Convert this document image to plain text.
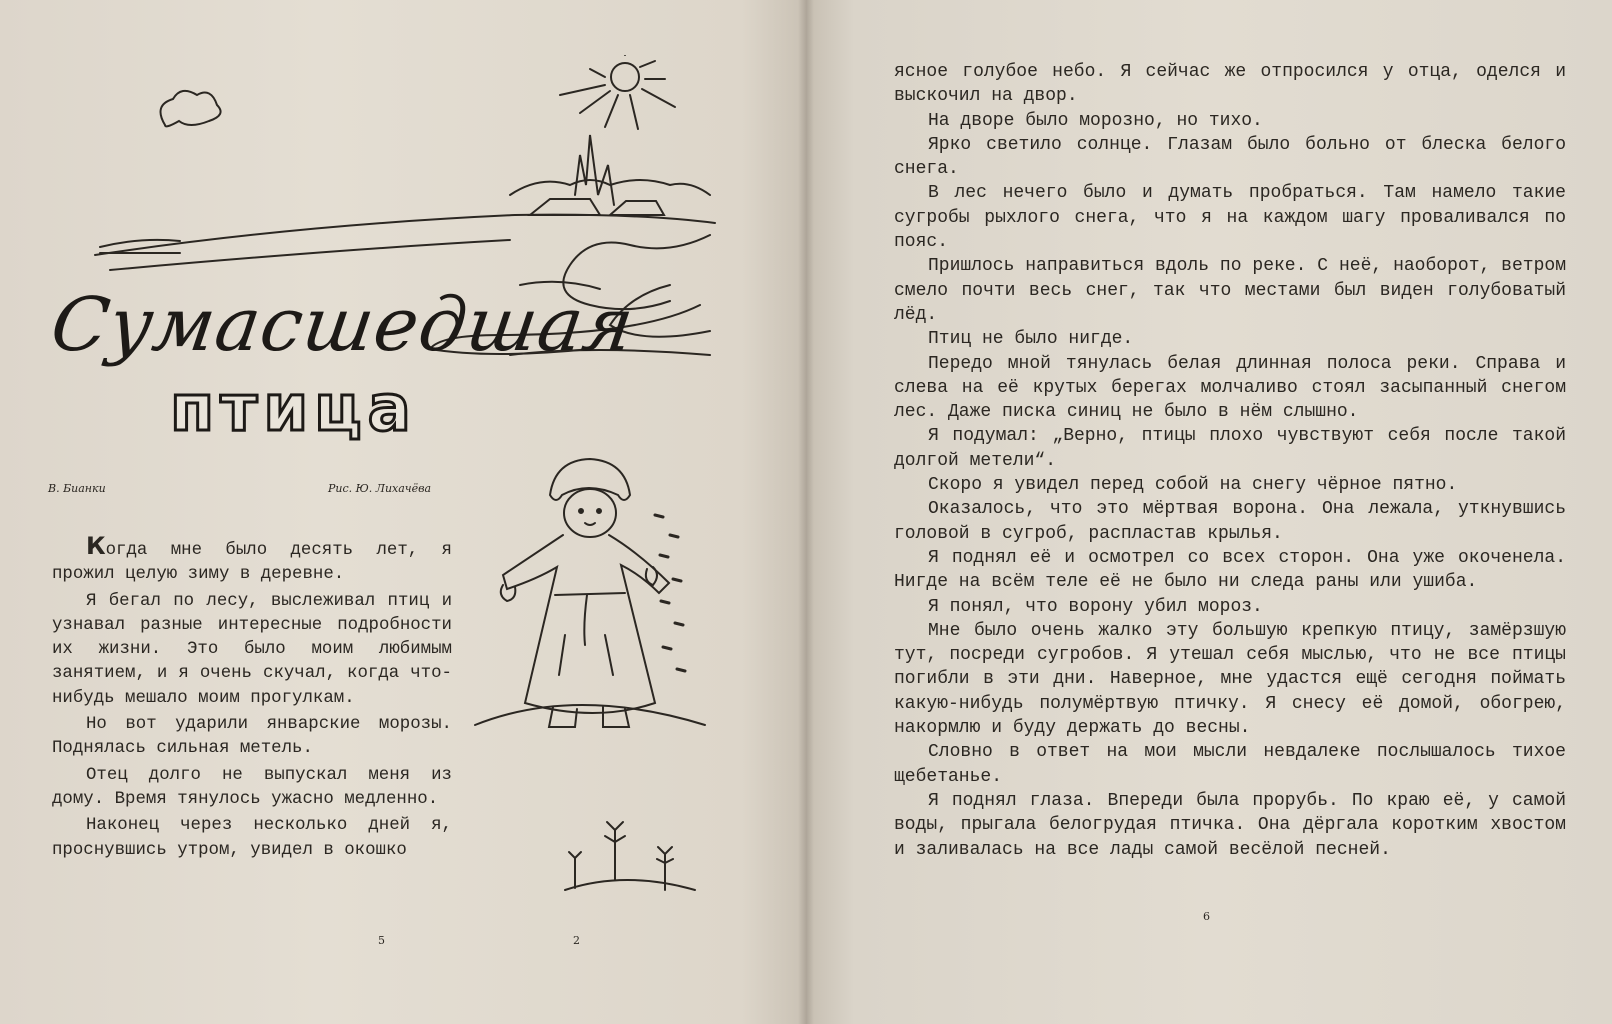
Сумасшедшая
птица
В. Бианки	Рис. Ю. Лихачёва

Когда мне было десять лет, я прожил целую зиму в деревне.

Я бегал по лесу, выслеживал птиц и узнавал разные интересные подробности их жизни. Это было моим любимым занятием, и я очень скучал, когда что-нибудь мешало моим прогулкам.

Но вот ударили январские морозы. Поднялась сильная метель.

Отец долго не выпускал меня из дому. Время тянулось ужасно медленно.

Наконец через несколько дней я, проснувшись утром, увидел в окошко

5	2

ясное голубое небо. Я сейчас же отпросился у отца, оделся и выскочил на двор.

На дворе было морозно, но тихо.

Ярко светило солнце. Глазам было больно от блеска белого снега.

В лес нечего было и думать пробраться. Там намело такие сугробы рыхлого снега, что я на каждом шагу проваливался по пояс.

Пришлось направиться вдоль по реке. С неё, наоборот, ветром смело почти весь снег, так что местами был виден голубоватый лёд.

Птиц не было нигде.

Передо мной тянулась белая длинная полоса реки. Справа и слева на её крутых берегах молчаливо стоял засыпанный снегом лес. Даже писка синиц не было в нём слышно.

Я подумал: „Верно, птицы плохо чувствуют себя после такой долгой метели“.

Скоро я увидел перед собой на снегу чёрное пятно.

Оказалось, что это мёртвая ворона. Она лежала, уткнувшись головой в сугроб, распластав крылья.

Я поднял её и осмотрел со всех сторон. Она уже окоченела. Нигде на всём теле её не было ни следа раны или ушиба.

Я понял, что ворону убил мороз.

Мне было очень жалко эту большую крепкую птицу, замёрзшую тут, посреди сугробов. Я утешал себя мыслью, что не все птицы погибли в эти дни. Наверное, мне удастся ещё сегодня поймать какую-нибудь полумёртвую птичку. Я снесу её домой, обогрею, накормлю и буду держать до весны.

Словно в ответ на мои мысли невдалеке послышалось тихое щебетанье.

Я поднял глаза. Впереди была прорубь. По краю её, у самой воды, прыгала белогрудая птичка. Она дёргала коротким хвостом и заливалась на все лады самой весёлой песней.

6
